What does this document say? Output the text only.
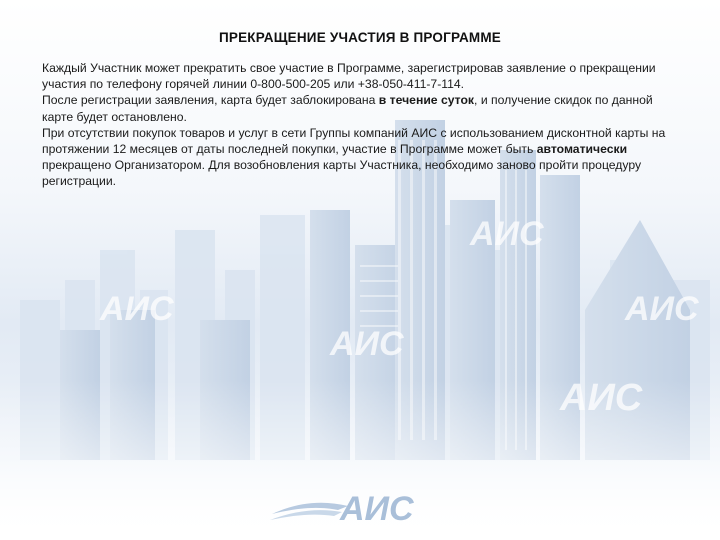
АИС
АИС
АИС
АИС
ПРЕКРАЩЕНИЕ УЧАСТИЯ В ПРОГРАММЕ

Каждый Участник может прекратить свое участие в Программе, зарегистрировав заявление о прекращении участия по телефону горячей линии 0-800-500-205 или +38-050-411-7-114.

После регистрации заявления, карта будет заблокирована в течение суток, и получение скидок по данной карте будет остановлено.

При отсутствии покупок товаров и услуг в сети Группы компаний АИС с использованием дисконтной карты на протяжении 12 месяцев от даты последней покупки, участие в Программе может быть автоматически прекращено Организатором. Для возобновления карты Участника, необходимо заново пройти процедуру регистрации.

АИС
